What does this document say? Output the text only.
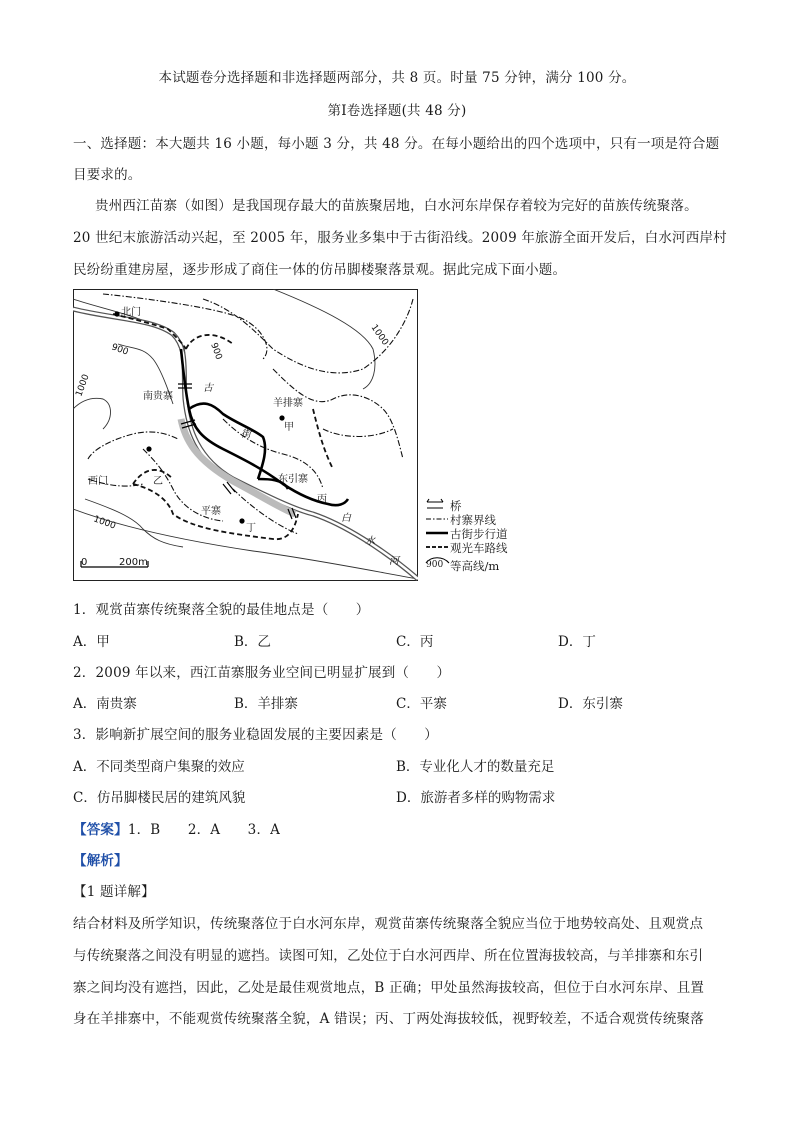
本试题卷分选择题和非选择题两部分，共 8 页。时量 75 分钟，满分 100 分。
第Ⅰ卷选择题(共 48 分)
一、选择题：本大题共 16 小题，每小题 3 分，共 48 分。在每小题给出的四个选项中，只有一项是符合题
目要求的。
贵州西江苗寨（如图）是我国现存最大的苗族聚居地，白水河东岸保存着较为完好的苗族传统聚落。
20 世纪末旅游活动兴起，至 2005 年，服务业多集中于古街沿线。2009 年旅游全面开发后，白水河西岸村
民纷纷重建房屋，逐步形成了商住一体的仿吊脚楼聚落景观。据此完成下面小题。
北门
南贵寨
西门	乙
羊排寨
甲
东引寨
丙
平寨
丁
古
街
白
水
河
900	900
1000
1000
1000
0	200m
桥
村寨界线
古街步行道
观光车路线
900 等高线/m
1．观赏苗寨传统聚落全貌的最佳地点是（　　）
A．甲	B．乙	C．丙	D．丁
2．2009 年以来，西江苗寨服务业空间已明显扩展到（　　）
A．南贵寨	B．羊排寨	C．平寨	D．东引寨
3．影响新扩展空间的服务业稳固发展的主要因素是（　　）
A．不同类型商户集聚的效应	B．专业化人才的数量充足
C．仿吊脚楼民居的建筑风貌	D．旅游者多样的购物需求
【答案】1．B　　2．A　　3．A
【解析】
【1 题详解】
结合材料及所学知识，传统聚落位于白水河东岸，观赏苗寨传统聚落全貌应当位于地势较高处、且观赏点
与传统聚落之间没有明显的遮挡。读图可知，乙处位于白水河西岸、所在位置海拔较高，与羊排寨和东引
寨之间均没有遮挡，因此，乙处是最佳观赏地点，B 正确；甲处虽然海拔较高，但位于白水河东岸、且置
身在羊排寨中，不能观赏传统聚落全貌，A 错误；丙、丁两处海拔较低，视野较差，不适合观赏传统聚落
